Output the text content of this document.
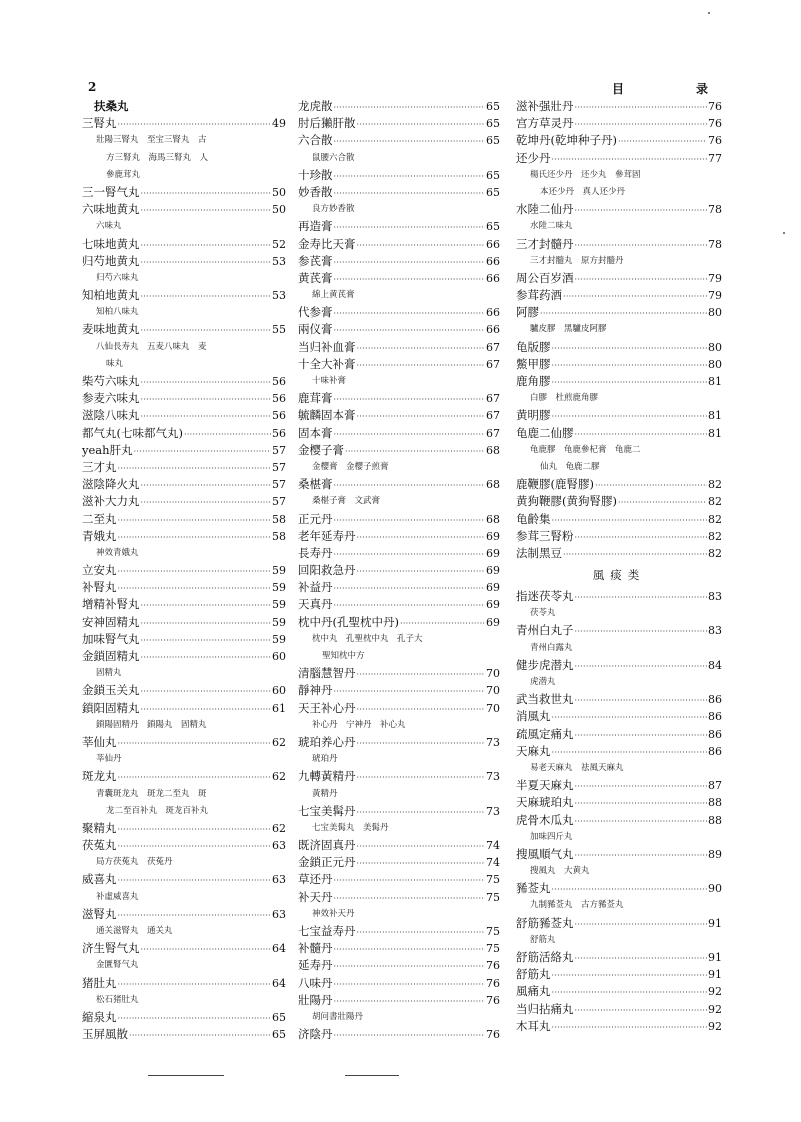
2	目	录
扶桑丸
三腎丸 ·····	49
壯陽三腎丸　至宝三腎丸　古
方三腎丸　海馬三腎丸　人
參鹿茸丸
三一腎气丸 ·····	50
六味地黄丸 ·····	50
六味丸
七味地黄丸 ·····	52
归芍地黄丸 ·····	53
归芍六味丸
知柏地黄丸 ·····	53
知柏八味丸
麦味地黄丸 ·····	55
八仙長寿丸　五麦八味丸　麦
味丸
柴芍六味丸 ·····	56
参麦六味丸 ·····	56
滋陰八味丸 ·····	56
都气丸(七味都气丸) ·····	56
yeah肝丸 ·····	57
三才丸 ·····	57
滋陰降火丸 ·····	57
滋补大力丸 ·····	57
二至丸 ·····	58
青娥丸 ·····	58
神效青娥丸
立安丸 ·····	59
补腎丸 ·····	59
增精补腎丸 ·····	59
安神固精丸 ·····	59
加味腎气丸 ·····	59
金鎖固精丸 ·····	60
固精丸
金鎖玉关丸 ·····	60
鎖阳固精丸 ·····	61
鎖陽固精丹　鎖陽丸　固精丸
莘仙丸 ·····	62
莘仙丹
斑龙丸 ·····	62
青囊斑龙丸　斑龙二至丸　斑
龙二至百补丸　斑龙百补丸
聚精丸 ·····	62
茯菟丸 ·····	63
局方茯菟丸　茯菟丹
威喜丸 ·····	63
补虛威喜丸
滋腎丸 ·····	63
通关滋腎丸　通关丸
济生腎气丸 ·····	64
金匱腎气丸
猪肚丸 ·····	64
松石猪肚丸
縮泉丸 ·····	65
玉屏風散 ·····	65
龙虎散 ·····	65
肘后獺肝散 ·····	65
六合散 ·····	65
鼠腰六合散
十珍散 ·····	65
妙香散 ·····	65
良方妙香散
再造膏 ·····	65
金寿比天膏 ·····	66
参芪膏 ·····	66
黄芪膏 ·····	66
綿上黄芪膏
代参膏 ·····	66
兩仪膏 ·····	66
当归补血膏 ·····	67
十全大补膏 ·····	67
十味补膏
鹿茸膏 ·····	67
毓麟固本膏 ·····	67
固本膏 ·····	67
金樱子膏 ·····	68
金樱膏　金樱子煎膏
桑椹膏 ·····	68
桑椹子膏　文武膏
正元丹 ·····	68
老年延寿丹 ·····	69
長寿丹 ·····	69
回阳救急丹 ·····	69
补益丹 ·····	69
天真丹 ·····	69
枕中丹(孔聖枕中丹) ·····	69
枕中丸　孔聖枕中丸　孔子大
聖知枕中方
清腦慧智丹 ·····	70
靜神丹 ·····	70
天王补心丹 ·····	70
补心丹　宁神丹　补心丸
琥珀养心丹 ·····	73
琥珀丹
九轉黃精丹 ·····	73
黃精丹
七宝美髯丹 ·····	73
七宝美髯丸　美髯丹
既济固真丹 ·····	74
金鎖正元丹 ·····	74
草还丹 ·····	75
补天丹 ·····	75
神效补天丹
七宝益寿丹 ·····	75
补髓丹 ·····	75
延寿丹 ·····	76
八味丹 ·····	76
壯陽丹 ·····	76
胡问書壯陽丹
济陰丹 ·····	76
滋补强壯丹 ·····	76
宫方草灵丹 ·····	76
乾坤丹(乾坤种子丹) ·····	76
还少丹 ·····	77
楊氏还少丹　还少丸　參茸固
本还少丹　真人还少丹
水陸二仙丹 ·····	78
水陸二味丸
三才封髓丹 ·····	78
三才封髓丸　原方封髓丹
周公百岁酒 ·····	79
参茸药酒 ·····	79
阿膠 ·····	80
驢皮膠　黑驢皮阿膠
龟版膠 ·····	80
鱉甲膠 ·····	80
鹿角膠 ·····	81
白膠　杜煎鹿角膠
黄明膠 ·····	81
龟鹿二仙膠 ·····	81
龟鹿膠　龟鹿參杞膏　龟鹿二
仙丸　龟鹿二膠
鹿鞭膠(鹿腎膠) ·····	82
黄狗鞭膠(黄狗腎膠) ·····	82
龟齡集 ·····	82
参茸三腎粉 ·····	82
法制黑豆 ·····	82
風痰类
指迷茯苓丸 ·····	83
茯苓丸
青州白丸子 ·····	83
青州白露丸
健步虎潜丸 ·····	84
虎潜丸
武当救世丸 ·····	86
消風丸 ·····	86
疏風定痛丸 ·····	86
天麻丸 ·····	86
易老天麻丸　祛風天麻丸
半夏天麻丸 ·····	87
天麻琥珀丸 ·····	88
虎骨木瓜丸 ·····	88
加味四斤丸
搜風順气丸 ·····	89
搜風丸　大黄丸
豨莶丸 ·····	90
九制豨莶丸　古方豨莶丸
舒筋豨莶丸 ·····	91
舒筋丸
舒筋活絡丸 ·····	91
舒筋丸 ·····	91
風痛丸 ·····	92
当归拈痛丸 ·····	92
木耳丸 ·····	92
